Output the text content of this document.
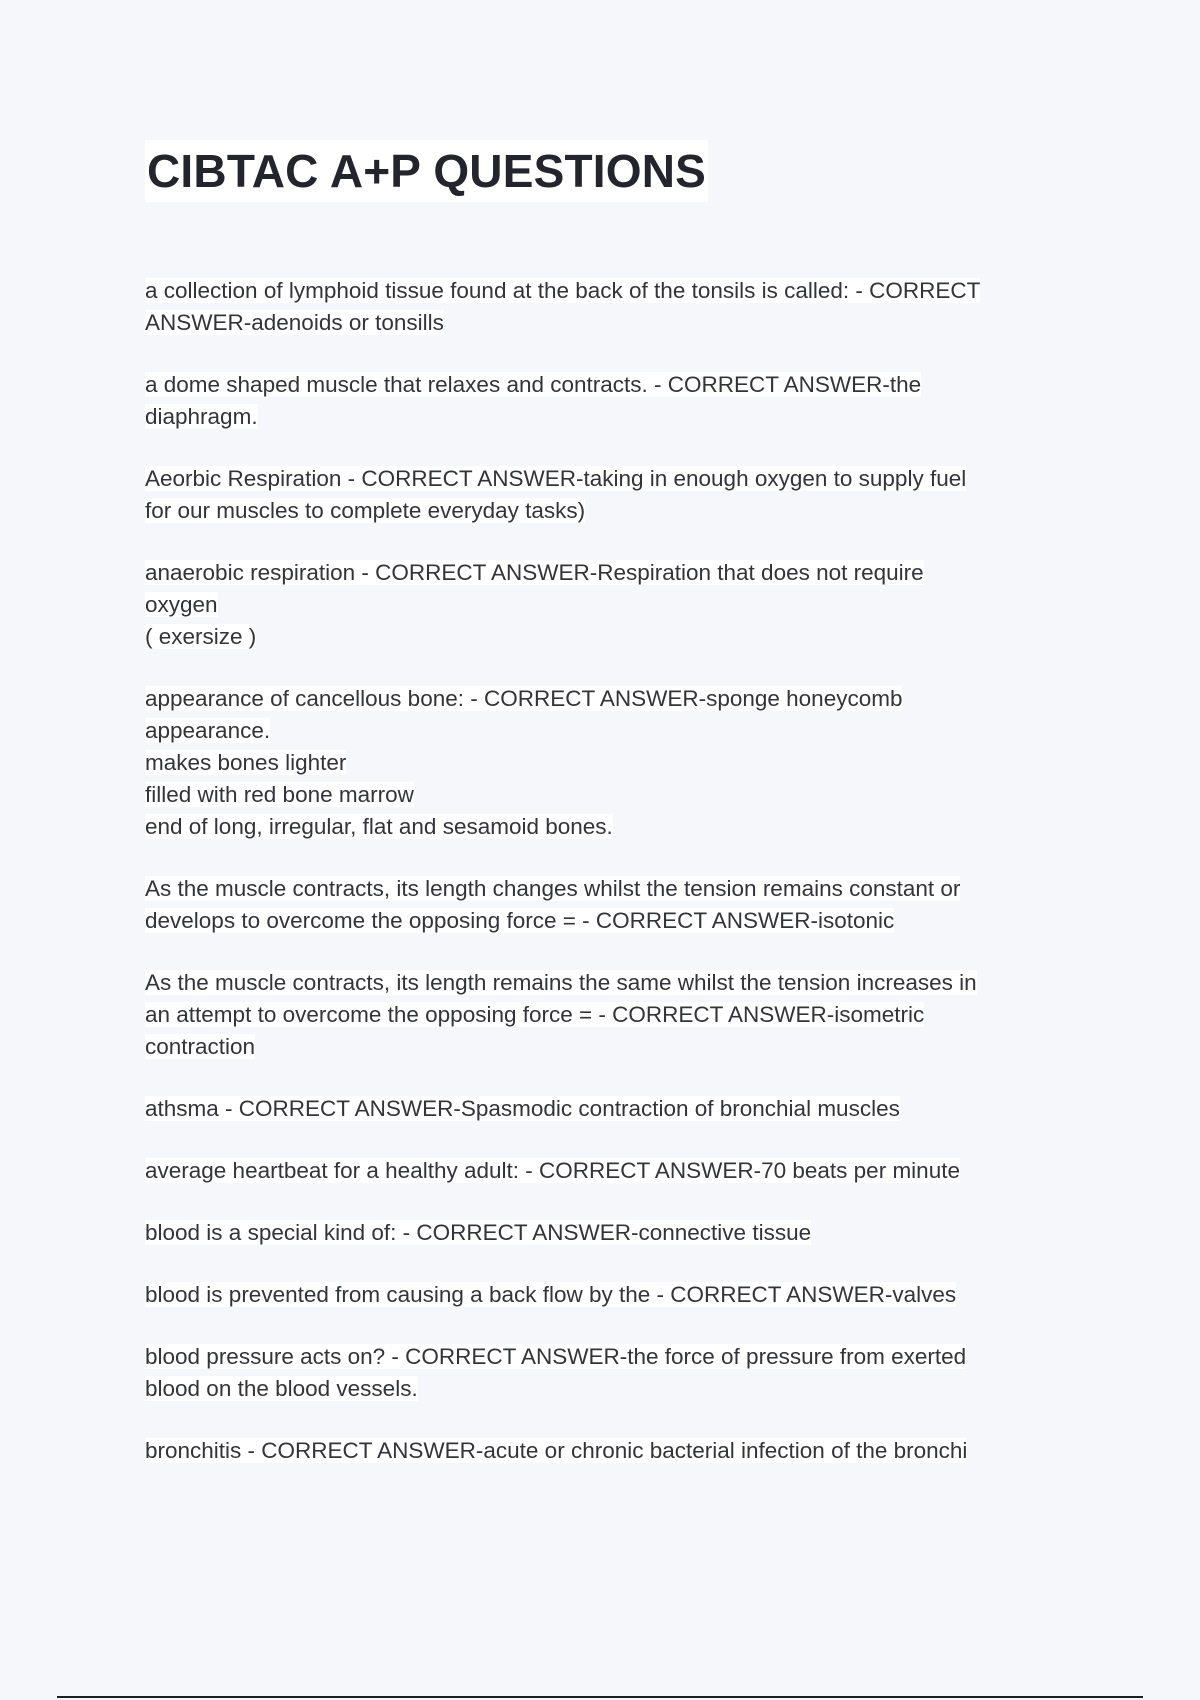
CIBTAC A+P QUESTIONS

a collection of lymphoid tissue found at the back of the tonsils is called: - CORRECT
ANSWER-adenoids or tonsills

a dome shaped muscle that relaxes and contracts. - CORRECT ANSWER-the
diaphragm.

Aeorbic Respiration - CORRECT ANSWER-taking in enough oxygen to supply fuel
for our muscles to complete everyday tasks)

anaerobic respiration - CORRECT ANSWER-Respiration that does not require
oxygen
( exersize )

appearance of cancellous bone: - CORRECT ANSWER-sponge honeycomb
appearance.
makes bones lighter
filled with red bone marrow
end of long, irregular, flat and sesamoid bones.

As the muscle contracts, its length changes whilst the tension remains constant or
develops to overcome the opposing force = - CORRECT ANSWER-isotonic

As the muscle contracts, its length remains the same whilst the tension increases in
an attempt to overcome the opposing force = - CORRECT ANSWER-isometric
contraction

athsma - CORRECT ANSWER-Spasmodic contraction of bronchial muscles

average heartbeat for a healthy adult: - CORRECT ANSWER-70 beats per minute

blood is a special kind of: - CORRECT ANSWER-connective tissue

blood is prevented from causing a back flow by the - CORRECT ANSWER-valves

blood pressure acts on? - CORRECT ANSWER-the force of pressure from exerted
blood on the blood vessels.

bronchitis - CORRECT ANSWER-acute or chronic bacterial infection of the bronchi
